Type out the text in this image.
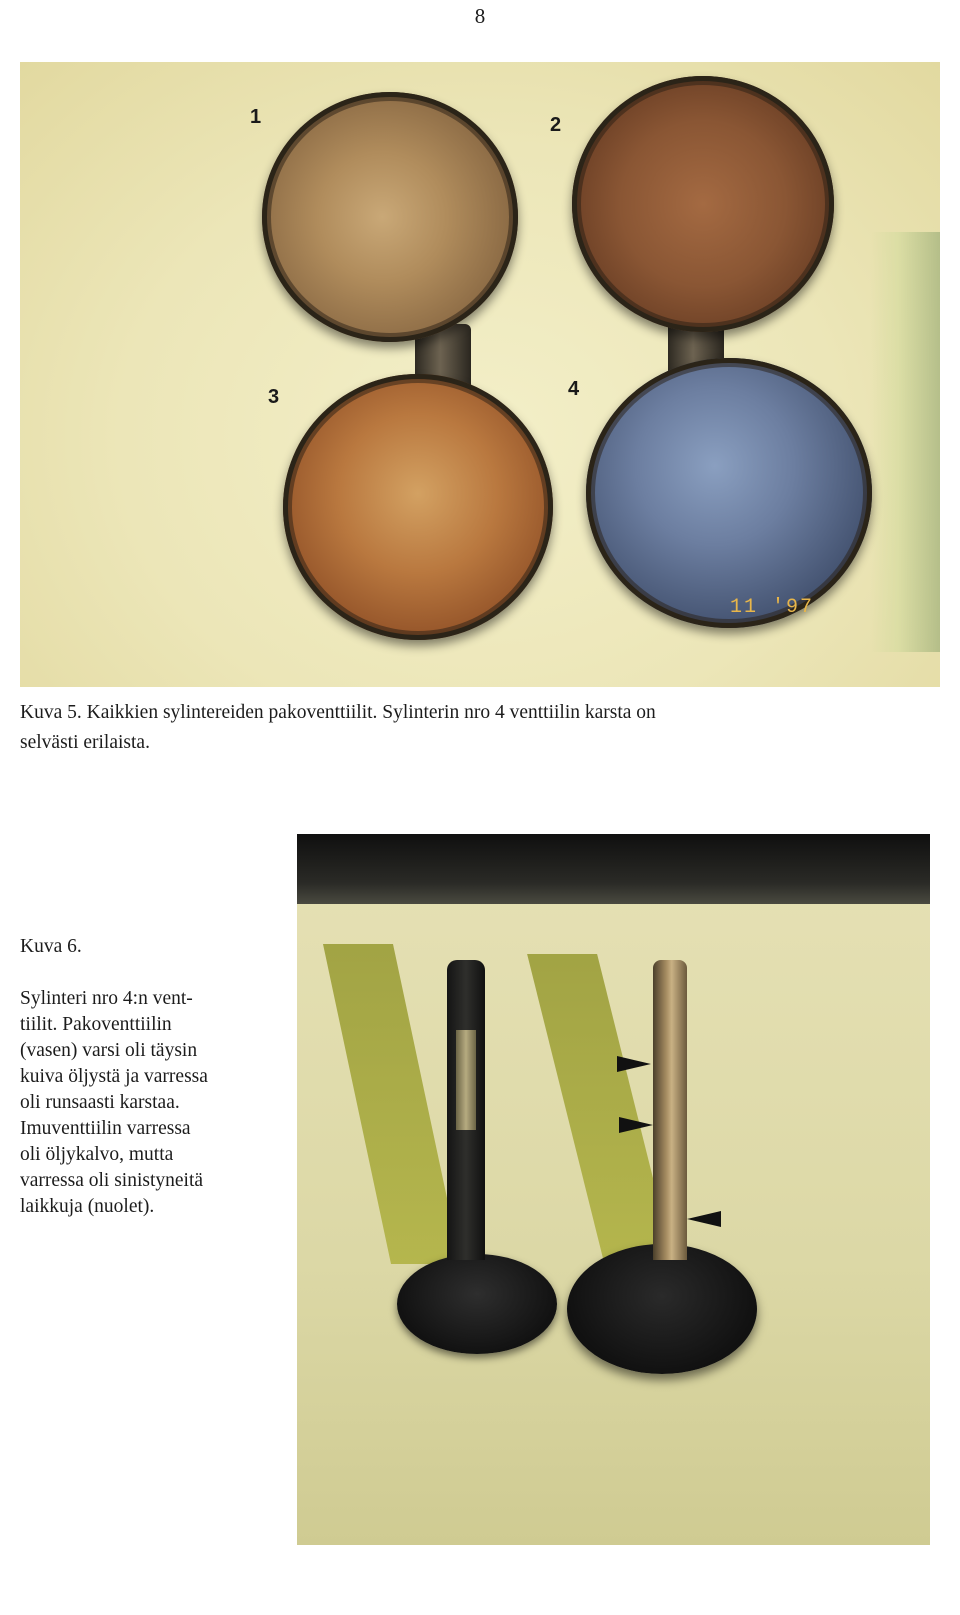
8
1	2
3	4
11 '97
Kuva 5. Kaikkien sylintereiden pakoventtiilit. Sylinterin nro 4 venttiilin karsta on
selvästi erilaista.
Kuva 6.
Sylinteri nro 4:n vent-
tiilit. Pakoventtiilin
(vasen) varsi oli täysin
kuiva öljystä ja varressa
oli runsaasti karstaa.
Imuventtiilin varressa
oli öljykalvo, mutta
varressa oli sinistyneitä
laikkuja (nuolet).
